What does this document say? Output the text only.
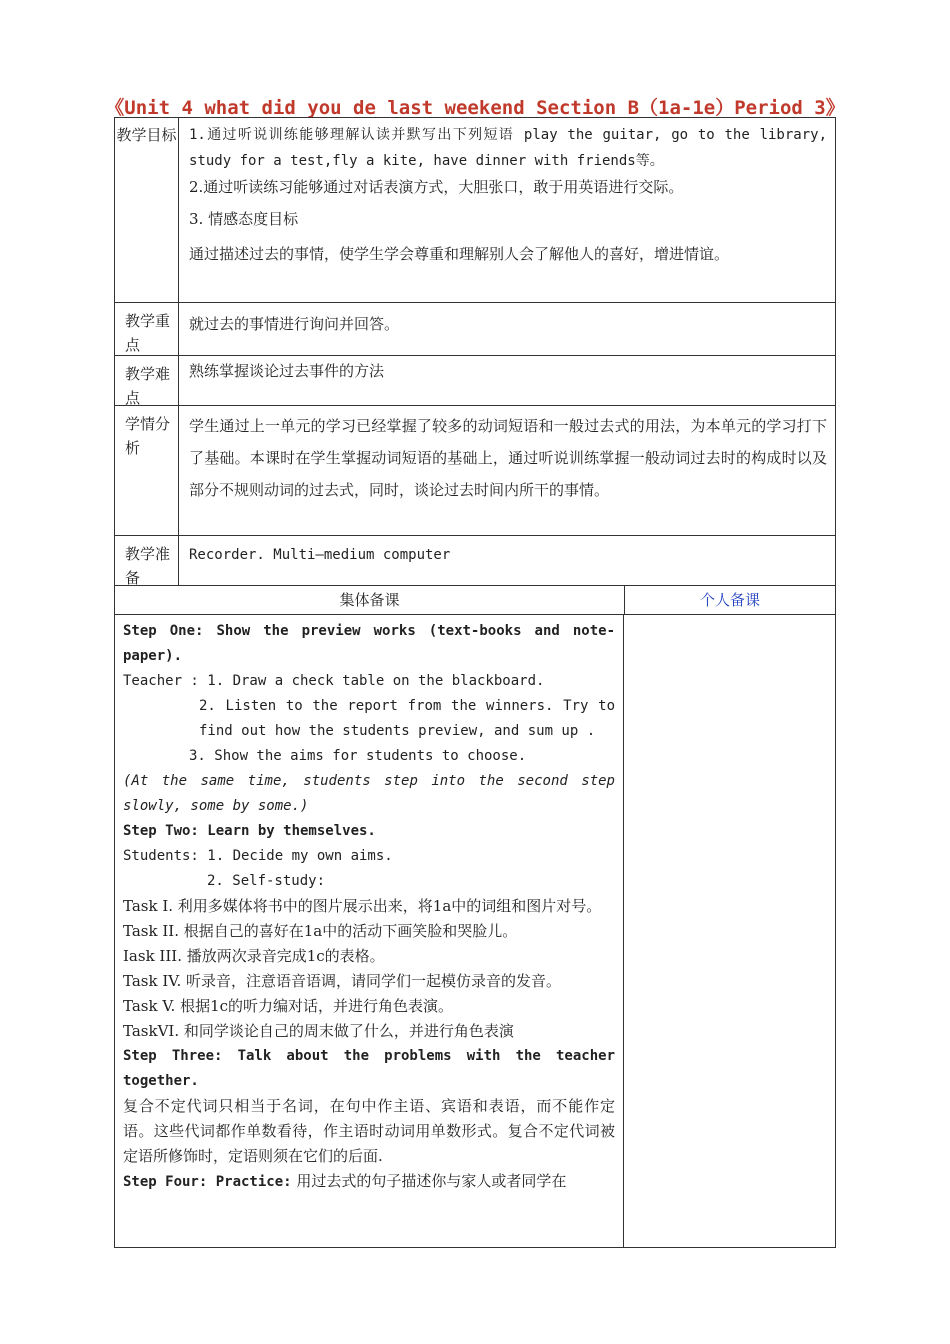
《Unit 4 what did you de last weekend Section B（1a-1e）Period 3》
教学目标 1.通过听说训练能够理解认读并默写出下列短语 play the guitar, go to the library, study for a test,fly a kite, have dinner with friends等。

2.通过听读练习能够通过对话表演方式，大胆张口，敢于用英语进行交际。

3. 情感态度目标

通过描述过去的事情，使学生学会尊重和理解别人会了解他人的喜好，增进情谊。

教学重点
就过去的事情进行询问并回答。
教学难点
熟练掌握谈论过去事件的方法
学情分析
学生通过上一单元的学习已经掌握了较多的动词短语和一般过去式的用法，为本单元的学习打下了基础。本课时在学生掌握动词短语的基础上，通过听说训练掌握一般动词过去时的构成时以及部分不规则动词的过去式，同时，谈论过去时间内所干的事情。
教学准备
Recorder. Multi—medium computer
集体备课	个人备课

Step One: Show the preview works (text-books and note-paper).

Teacher : 1. Draw a check table on the blackboard.

2. Listen to the report from the winners. Try to find out how the students preview, and sum up .

3. Show the aims for students to choose.

(At the same time, students step into the second step slowly, some by some.)

Step Two: Learn by themselves.

Students: 1. Decide my own aims.

2. Self-study:

Task I. 利用多媒体将书中的图片展示出来，将1a中的词组和图片对号。

Task II. 根据自己的喜好在1a中的活动下画笑脸和哭脸儿。

Iask III. 播放两次录音完成1c的表格。

Task IV. 听录音，注意语音语调，请同学们一起模仿录音的发音。

Task V. 根据1c的听力编对话，并进行角色表演。

TaskVI. 和同学谈论自己的周末做了什么，并进行角色表演

Step Three: Talk about the problems with the teacher together.

复合不定代词只相当于名词，在句中作主语、宾语和表语，而不能作定语。这些代词都作单数看待，作主语时动词用单数形式。复合不定代词被定语所修饰时，定语则须在它们的后面.

Step Four: Practice: 用过去式的句子描述你与家人或者同学在
